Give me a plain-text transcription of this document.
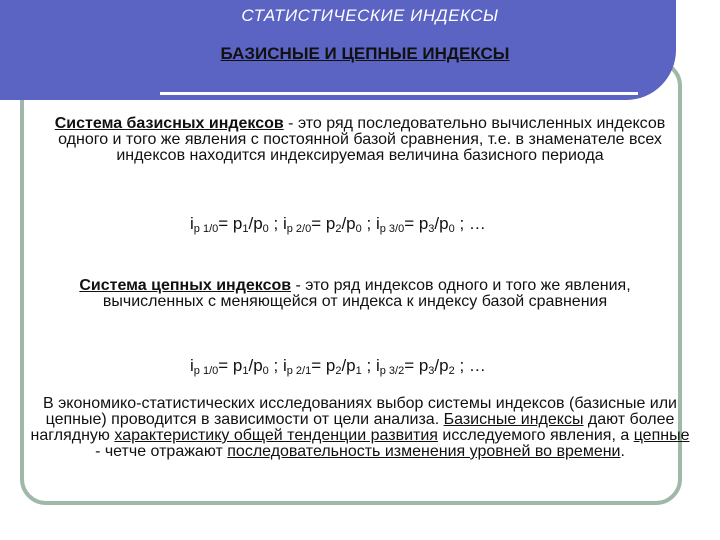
СТАТИСТИЧЕСКИЕ ИНДЕКСЫ
БАЗИСНЫЕ И ЦЕПНЫЕ ИНДЕКСЫ

Система базисных индексов - это ряд последовательно вычисленных индексов одного и того же явления с постоянной базой сравнения, т.е. в знаменателе всех индексов находится индексируемая величина базисного периода

$i_{p 1/0}= p_1/p_0$ ; $i_{p 2/0}= p_2/p_0$ ; $i_{p 3/0}= p_3/p_0$ ; …

Система цепных индексов - это ряд индексов одного и того же явления, вычисленных с меняющейся от индекса к индексу базой сравнения

$i_{p 1/0}= p_1/p_0$ ; $i_{p 2/1}= p_2/p_1$ ; $i_{p 3/2}= p_3/p_2$ ; …

В экономико-статистических исследованиях выбор системы индексов (базисные или цепные) проводится в зависимости от цели анализа. Базисные индексы дают более наглядную характеристику общей тенденции развития исследуемого явления, а цепные - четче отражают последовательность изменения уровней во времени.
